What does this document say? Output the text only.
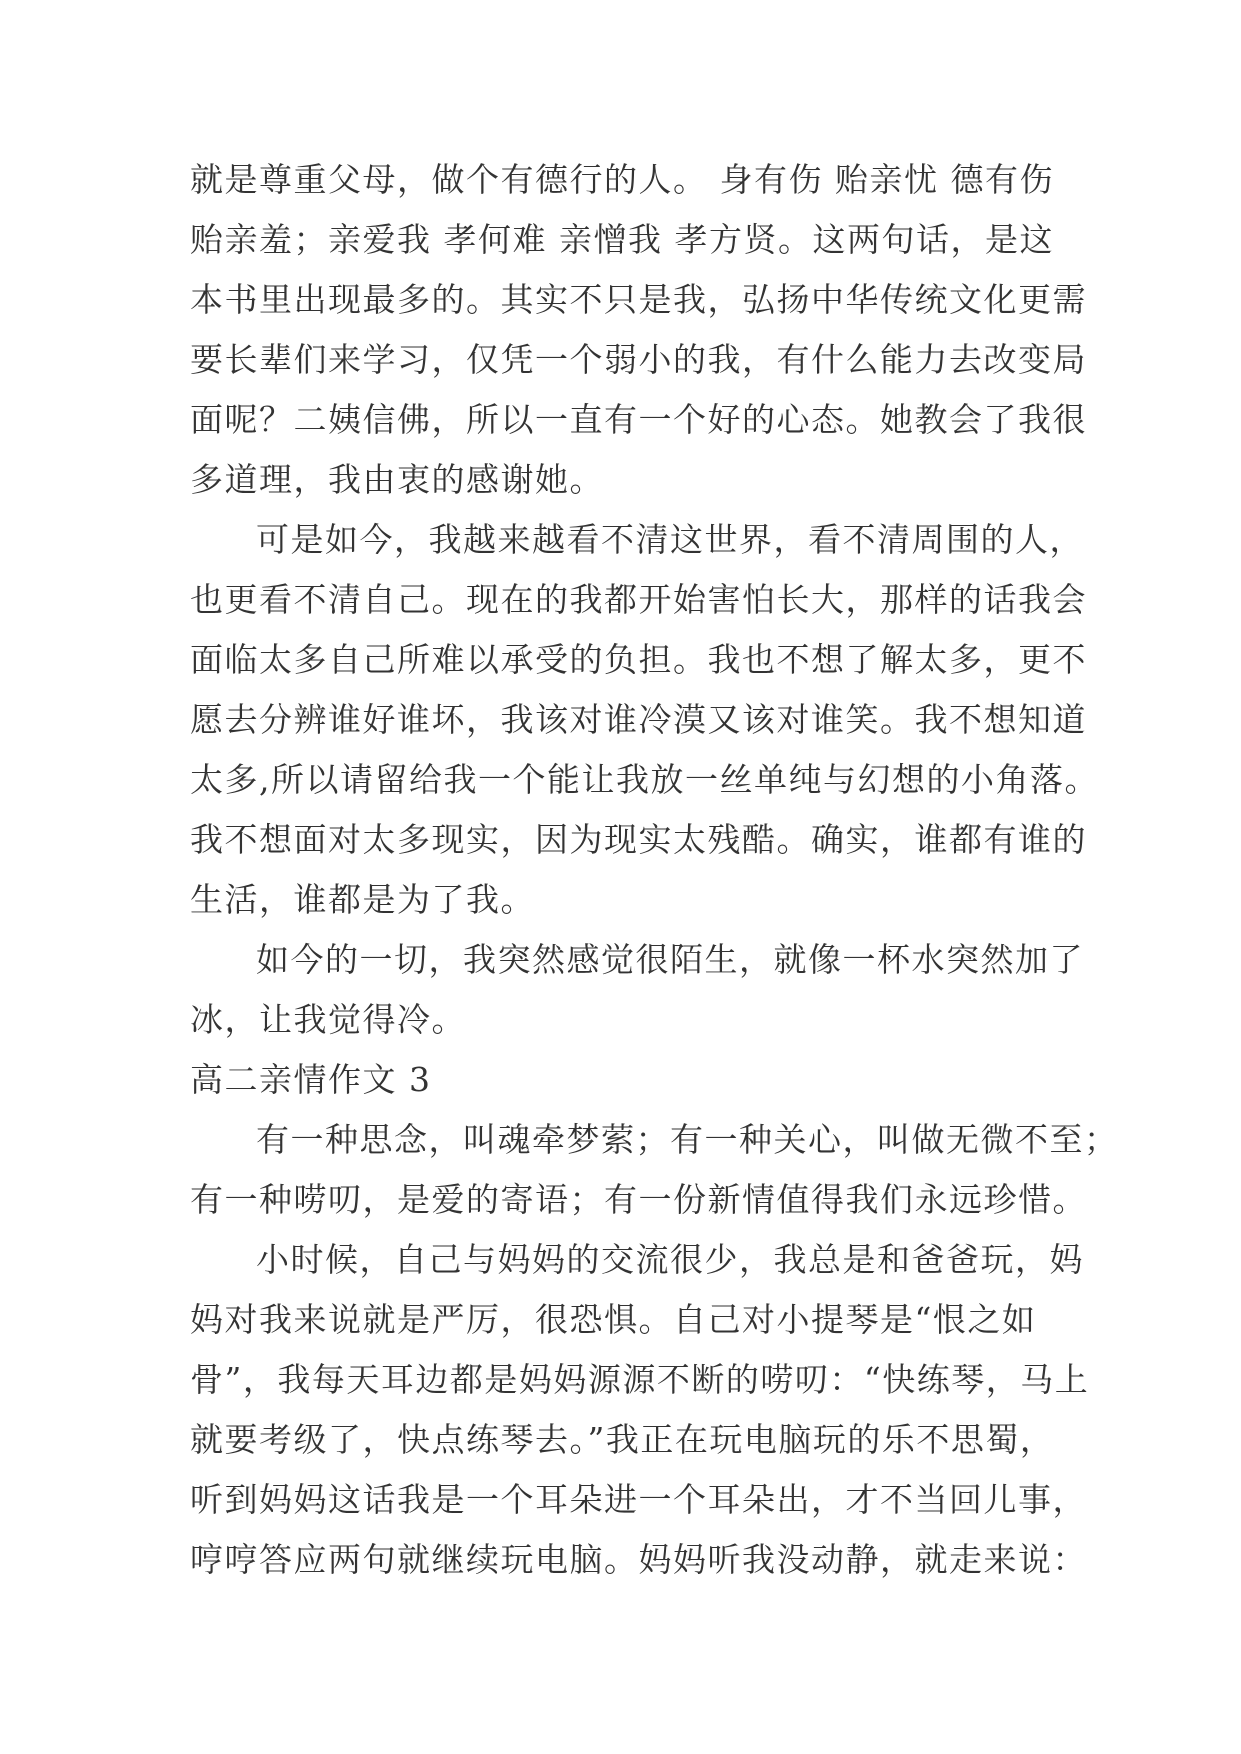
就是尊重父母，做个有德行的人。 身有伤 贻亲忧 德有伤
贻亲羞；亲爱我 孝何难 亲憎我 孝方贤。这两句话，是这
本书里出现最多的。其实不只是我，弘扬中华传统文化更需
要长辈们来学习，仅凭一个弱小的我，有什么能力去改变局
面呢？二姨信佛，所以一直有一个好的心态。她教会了我很
多道理，我由衷的感谢她。
可是如今，我越来越看不清这世界，看不清周围的人，
也更看不清自己。现在的我都开始害怕长大，那样的话我会
面临太多自己所难以承受的负担。我也不想了解太多，更不
愿去分辨谁好谁坏，我该对谁冷漠又该对谁笑。我不想知道
太多,所以请留给我一个能让我放一丝单纯与幻想的小角落。
我不想面对太多现实，因为现实太残酷。确实，谁都有谁的
生活，谁都是为了我。
如今的一切，我突然感觉很陌生，就像一杯水突然加了
冰，让我觉得冷。
高二亲情作文 3
有一种思念，叫魂牵梦萦；有一种关心，叫做无微不至；
有一种唠叨，是爱的寄语；有一份新情值得我们永远珍惜。
小时候，自己与妈妈的交流很少，我总是和爸爸玩，妈
妈对我来说就是严厉，很恐惧。自己对小提琴是“恨之如
骨”，我每天耳边都是妈妈源源不断的唠叨：“快练琴，马上
就要考级了，快点练琴去。”我正在玩电脑玩的乐不思蜀，
听到妈妈这话我是一个耳朵进一个耳朵出，才不当回儿事，
哼哼答应两句就继续玩电脑。妈妈听我没动静，就走来说：
